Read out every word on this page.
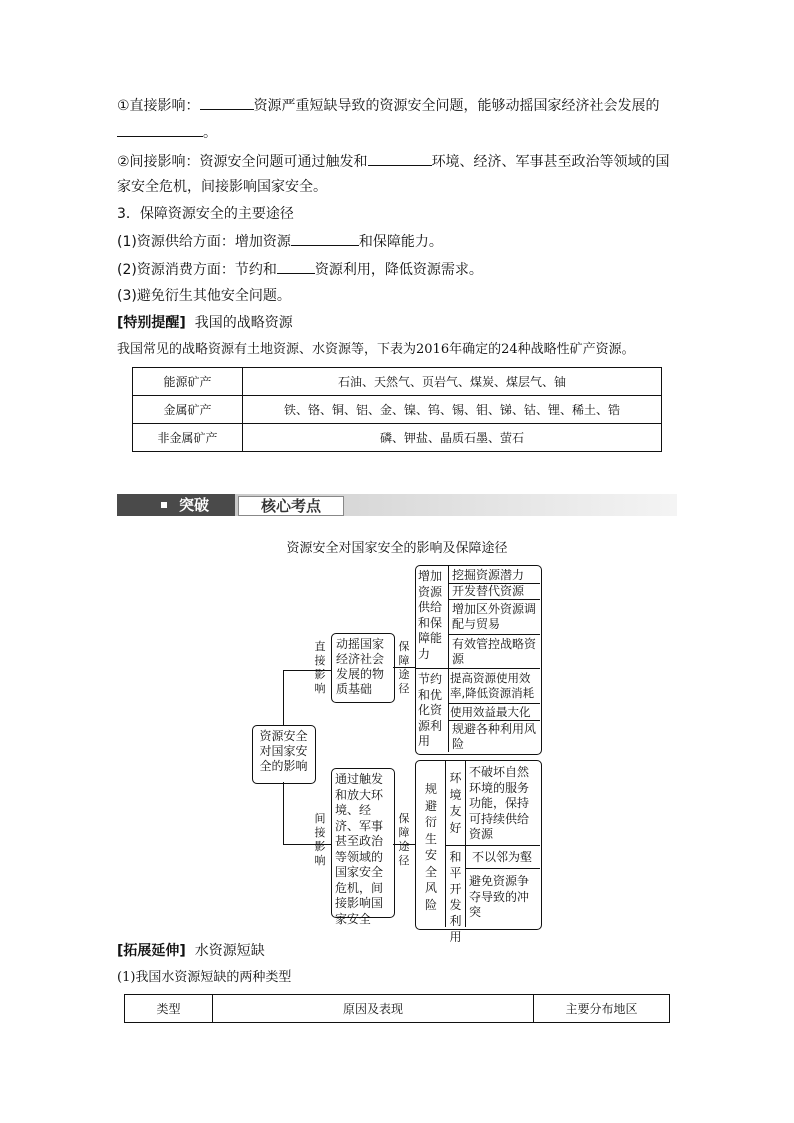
①直接影响：	资源严重短缺导致的资源安全问题，能够动摇国家经济社会发展的
。
②间接影响：资源安全问题可通过触发和	环境、经济、军事甚至政治等领域的国
家安全危机，间接影响国家安全。
3．保障资源安全的主要途径
(1)资源供给方面：增加资源	和保障能力。
(2)资源消费方面：节约和	资源利用，降低资源需求。
(3)避免衍生其他安全问题。
[特别提醒] 我国的战略资源
我国常见的战略资源有土地资源、水资源等，下表为2016年确定的24种战略性矿产资源。
能源矿产	石油、天然气、页岩气、煤炭、煤层气、铀
金属矿产	铁、铬、铜、铝、金、镍、钨、锡、钼、锑、钴、锂、稀土、锆
非金属矿产	磷、钾盐、晶质石墨、萤石
突破	核心考点
资源安全对国家安全的影响及保障途径
资源安全对国家安全的影响
直接影响
动摇国家经济社会发展的物质基础
保障途径
增加资源供给和保障能力
节约和优化资源利用
挖掘资源潜力
开发替代资源
增加区外资源调配与贸易
有效管控战略资源
提高资源使用效率,降低资源消耗
使用效益最大化
规避各种利用风险
间接影响
通过触发和放大环境、经济、军事甚至政治等领域的国家安全危机，间接影响国家安全
保障途径
规避衍生安全风险
环境友好
和平开发利用
不破坏自然环境的服务功能，保持可持续供给资源
不以邻为壑
避免资源争夺导致的冲突
[拓展延伸] 水资源短缺
(1)我国水资源短缺的两种类型
类型	原因及表现	主要分布地区
